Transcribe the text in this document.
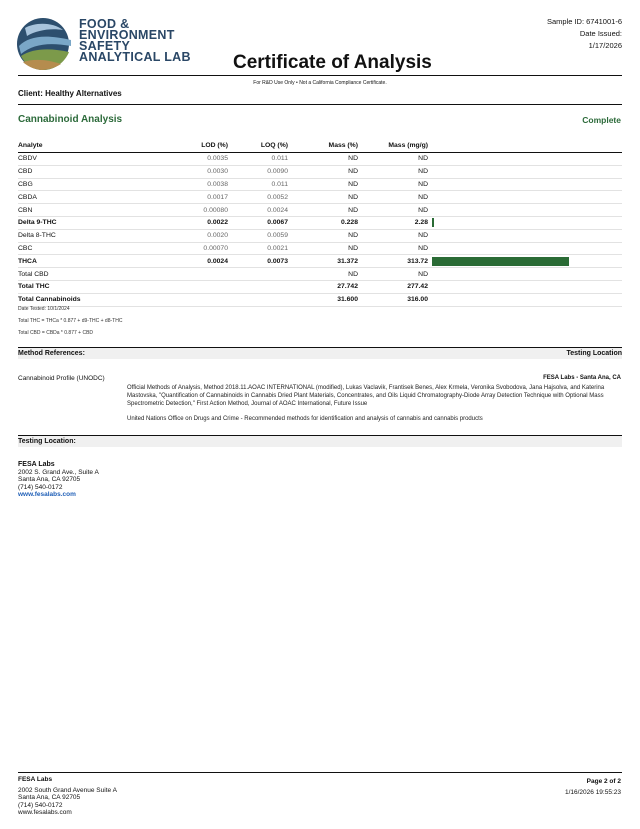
FOOD &
ENVIRONMENT
SAFETY
ANALYTICAL LAB
Sample ID: 6741001-6
Date Issued:
1/17/2026
Certificate of Analysis
For R&D Use Only • Not a California Compliance Certificate.
Client: Healthy Alternatives
Cannabinoid Analysis	Complete
Analyte	LOD (%)	LOQ (%)	Mass (%)	Mass (mg/g)	
CBDV	0.0035	0.011	ND	ND	
CBD	0.0030	0.0090	ND	ND	
CBG	0.0038	0.011	ND	ND	
CBDA	0.0017	0.0052	ND	ND	
CBN	0.00080	0.0024	ND	ND	
Delta 9-THC	0.0022	0.0067	0.228	2.28	

Delta 8-THC	0.0020	0.0059	ND	ND	
CBC	0.00070	0.0021	ND	ND	
THCA	0.0024	0.0073	31.372	313.72	

Total CBD			ND	ND	
Total THC			27.742	277.42	
Total Cannabinoids			31.600	316.00	
Date Tested: 10/1/2024
Total THC = THCa * 0.877 + d9-THC + d8-THC
Total CBD = CBDa * 0.877 + CBD
Method References:	Testing Location
Cannabinoid Profile (UNODC)	FESA Labs - Santa Ana, CA
Official Methods of Analysis, Method 2018.11.AOAC INTERNATIONAL (modified), Lukas Vaclavik, Frantisek Benes, Alex Krmela, Veronika Svobodova, Jana Hajsolva, and Katerina Mastovska, "Quantification of Cannabinoids in Cannabis Dried Plant Materials, Concentrates, and Oils Liquid Chromatography-Diode Array Detection Technique with Optional Mass Spectrometric Detection," First Action Method, Journal of AOAC International, Future Issue
United Nations Office on Drugs and Crime - Recommended methods for identification and analysis of cannabis and cannabis products
Testing Location:
FESA Labs
2002 S. Grand Ave., Suite A
Santa Ana, CA 92705
(714) 540-0172
www.fesalabs.com
FESA Labs
2002 South Grand Avenue Suite A
Santa Ana, CA 92705
(714) 540-0172
www.fesalabs.com
Page 2 of 2
1/16/2026 19:55:23
